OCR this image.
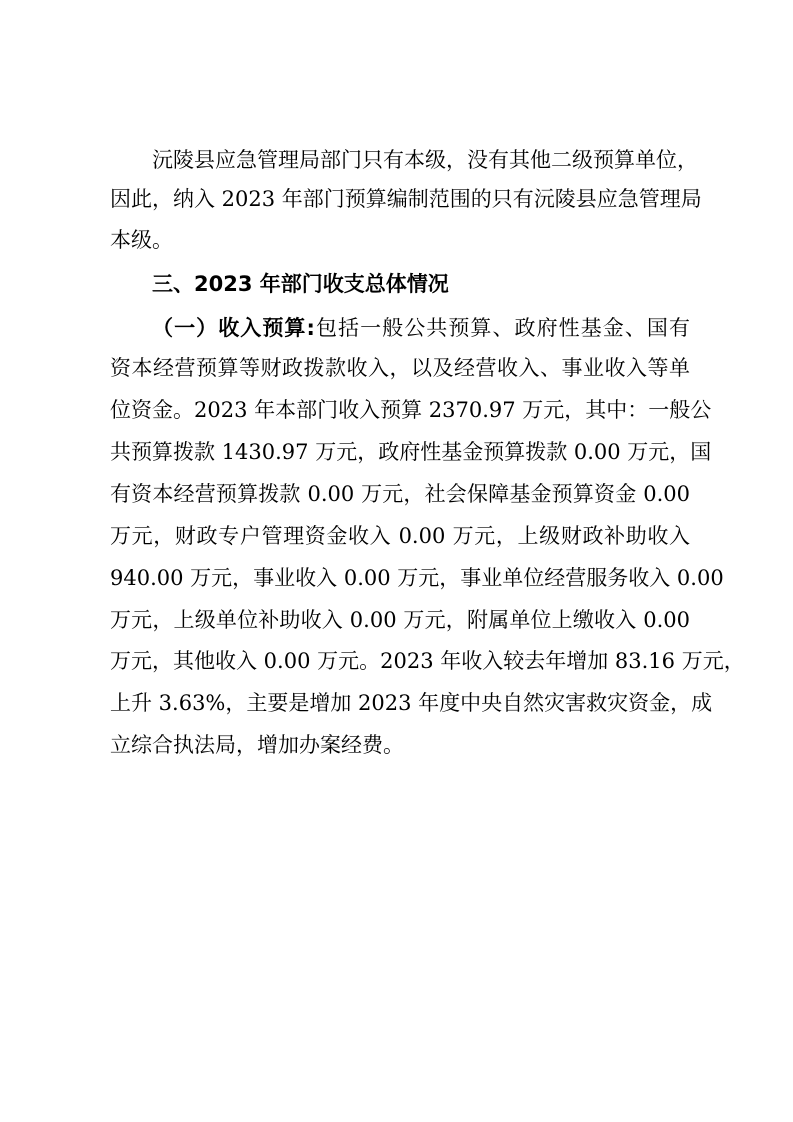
沅陵县应急管理局部门只有本级，没有其他二级预算单位，
因此，纳入 2023 年部门预算编制范围的只有沅陵县应急管理局
本级。
三、2023 年部门收支总体情况
（一）收入预算:包括一般公共预算、政府性基金、国有
资本经营预算等财政拨款收入，以及经营收入、事业收入等单
位资金。2023 年本部门收入预算 2370.97 万元，其中：一般公
共预算拨款 1430.97 万元，政府性基金预算拨款 0.00 万元，国
有资本经营预算拨款 0.00 万元，社会保障基金预算资金 0.00
万元，财政专户管理资金收入 0.00 万元，上级财政补助收入
940.00 万元，事业收入 0.00 万元，事业单位经营服务收入 0.00
万元，上级单位补助收入 0.00 万元，附属单位上缴收入 0.00
万元，其他收入 0.00 万元。2023 年收入较去年增加 83.16 万元，
上升 3.63%，主要是增加 2023 年度中央自然灾害救灾资金，成
立综合执法局，增加办案经费。
